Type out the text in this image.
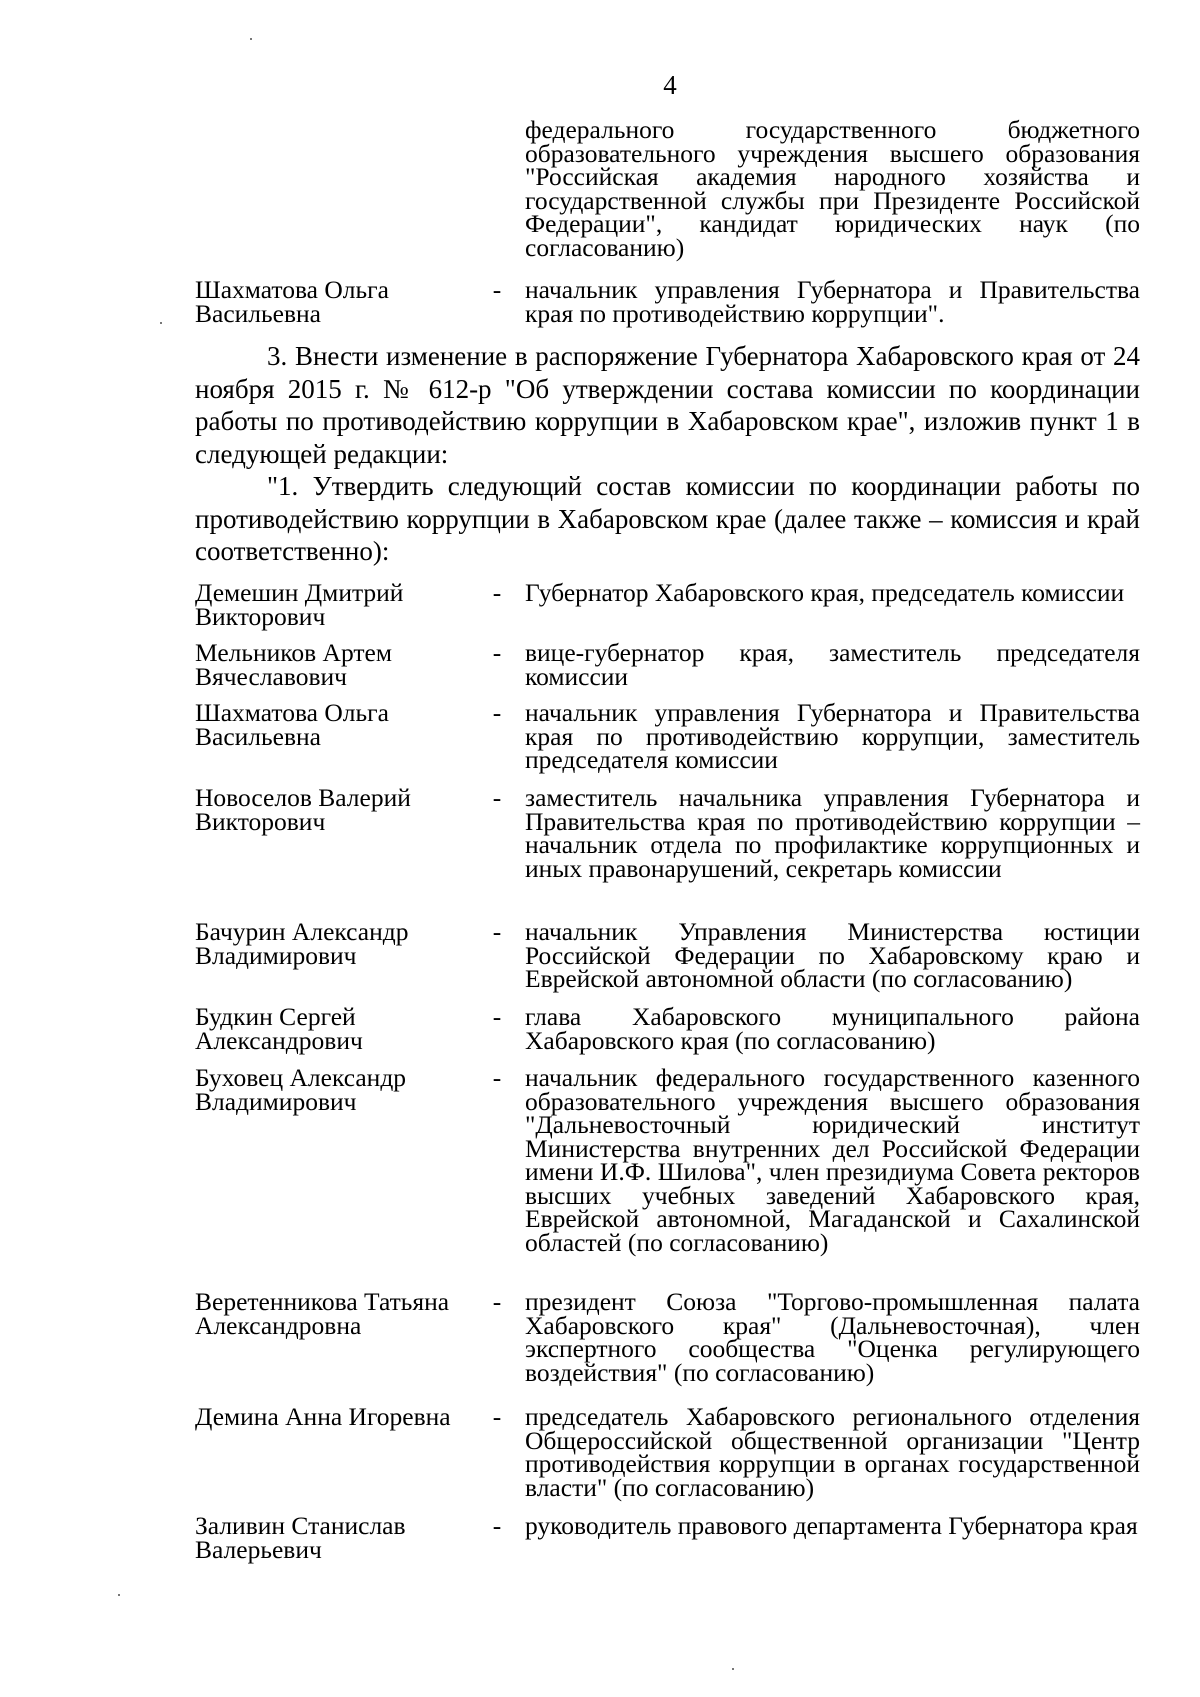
4
федерального государственного бюджетного образовательного учреждения высшего образования "Российская академия народного хозяйства и государственной службы при Президенте Российской Федерации", кандидат юридических наук (по согласованию)
Шахматова Ольга Васильевна
- начальник управления Губернатора и Правительства края по противодействию коррупции".
3. Внести изменение в распоряжение Губернатора Хабаровского края от 24 ноября 2015 г. № 612-р "Об утверждении состава комиссии по координации работы по противодействию коррупции в Хабаровском крае", изложив пункт 1 в следующей редакции:
"1. Утвердить следующий состав комиссии по координации работы по противодействию коррупции в Хабаровском крае (далее также – комиссия и край соответственно):
Демешин Дмитрий Викторович
- Губернатор Хабаровского края, председатель комиссии
Мельников Артем Вячеславович
- вице-губернатор края, заместитель председателя комиссии
Шахматова Ольга Васильевна
- начальник управления Губернатора и Правительства края по противодействию коррупции, заместитель председателя комиссии
Новоселов Валерий Викторович
- заместитель начальника управления Губернатора и Правительства края по противодействию коррупции – начальник отдела по профилактике коррупционных и иных правонарушений, секретарь комиссии
Бачурин Александр Владимирович
- начальник Управления Министерства юстиции Российской Федерации по Хабаровскому краю и Еврейской автономной области (по согласованию)
Будкин Сергей Александрович
- глава Хабаровского муниципального района Хабаровского края (по согласованию)
Буховец Александр Владимирович
- начальник федерального государственного казенного образовательного учреждения высшего образования "Дальневосточный юридический институт Министерства внутренних дел Российской Федерации имени И.Ф. Шилова", член президиума Совета ректоров высших учебных заведений Хабаровского края, Еврейской автономной, Магаданской и Сахалинской областей (по согласованию)
Веретенникова Татьяна Александровна
- президент Союза "Торгово-промышленная палата Хабаровского края" (Дальневосточная), член экспертного сообщества "Оценка регулирующего воздействия" (по согласованию)
Демина Анна Игоревна	- председатель Хабаровского регионального отделения Общероссийской общественной организации "Центр противодействия коррупции в органах государственной власти" (по согласованию)
Заливин Станислав Валерьевич
- руководитель правового департамента Губернатора края
